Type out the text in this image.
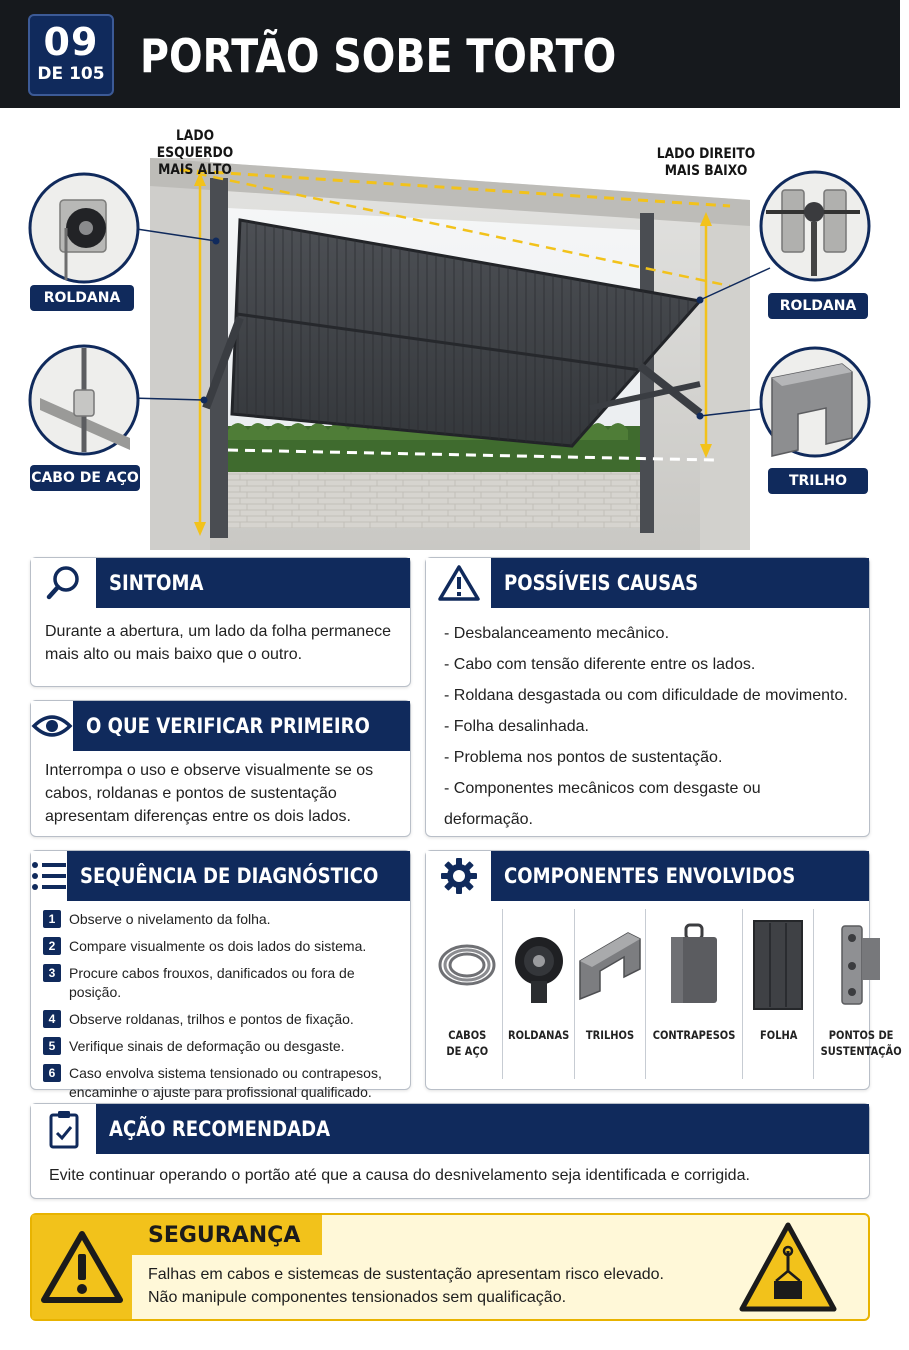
09
DE 105 PORTÃO SOBE TORTO
LADO ESQUERDO
MAIS ALTO
LADO DIREITO
MAIS BAIXO
ROLDANA
CABO DE AÇO
ROLDANA
TRILHO
SINTOMA
Durante a abertura, um lado da folha permanece mais alto ou mais baixo que o outro.
O QUE VERIFICAR PRIMEIRO
Interrompa o uso e observe visualmente se os cabos, roldanas e pontos de sustentação apresentam diferenças entre os dois lados.
POSSÍVEIS CAUSAS
- Desbalanceamento mecânico.
- Cabo com tensão diferente entre os lados.
- Roldana desgastada ou com dificuldade de movimento.
- Folha desalinhada.
- Problema nos pontos de sustentação.
- Componentes mecânicos com desgaste ou deformação.
SEQUÊNCIA DE DIAGNÓSTICO
1 Observe o nivelamento da folha.
2 Compare visualmente os dois lados do sistema.
3 Procure cabos frouxos, danificados ou fora de posição.
4 Observe roldanas, trilhos e pontos de fixação.
5 Verifique sinais de deformação ou desgaste.
6 Caso envolva sistema tensionado ou contrapesos, encaminhe o ajuste para profissional qualificado.
COMPONENTES ENVOLVIDOS
CABOS
DE AÇO
ROLDANAS TRILHOS CONTRAPESOS FOLHA	PONTOS DE
SUSTENTAÇÃO
AÇÃO RECOMENDADA
Evite continuar operando o portão até que a causa do desnivelamento seja identificada e corrigida.
SEGURANÇA
Falhas em cabos e sistemєas de sustentação apresentam risco elevado.
Não manipule componentes tensionados sem qualificação.
